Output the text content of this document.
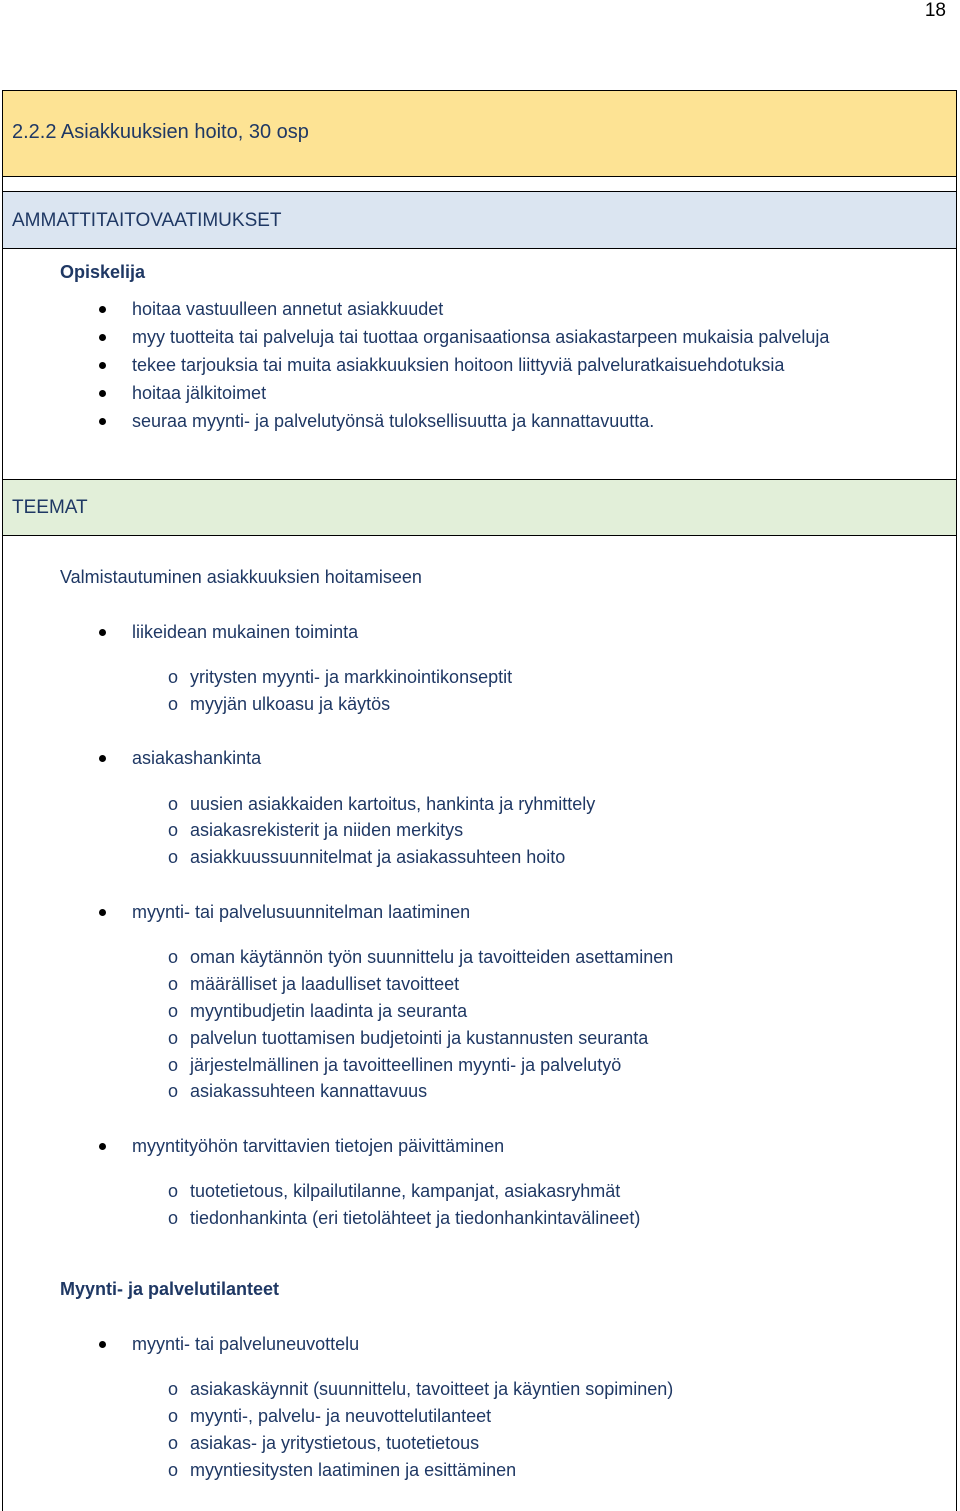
18
2.2.2 Asiakkuuksien hoito, 30 osp
AMMATTITAITOVAATIMUKSET
TEEMAT
Opiskelija
hoitaa vastuulleen annetut asiakkuudet
myy tuotteita tai palveluja tai tuottaa organisaationsa asiakastarpeen mukaisia palveluja
tekee tarjouksia tai muita asiakkuuksien hoitoon liittyviä palveluratkaisuehdotuksia
hoitaa jälkitoimet
seuraa myynti- ja palvelutyönsä tuloksellisuutta ja kannattavuutta.
Valmistautuminen asiakkuuksien hoitamiseen
liikeidean mukainen toiminta
o yritysten myynti- ja markkinointikonseptit
o myyjän ulkoasu ja käytös
asiakashankinta
o uusien asiakkaiden kartoitus, hankinta ja ryhmittely
o asiakasrekisterit ja niiden merkitys
o asiakkuussuunnitelmat ja asiakassuhteen hoito
myynti- tai palvelusuunnitelman laatiminen
o oman käytännön työn suunnittelu ja tavoitteiden asettaminen
o määrälliset ja laadulliset tavoitteet
o myyntibudjetin laadinta ja seuranta
o palvelun tuottamisen budjetointi ja kustannusten seuranta
o järjestelmällinen ja tavoitteellinen myynti- ja palvelutyö
o asiakassuhteen kannattavuus
myyntityöhön tarvittavien tietojen päivittäminen
o tuotetietous, kilpailutilanne, kampanjat, asiakasryhmät
o tiedonhankinta (eri tietolähteet ja tiedonhankintavälineet)
Myynti- ja palvelutilanteet
myynti- tai palveluneuvottelu
o asiakaskäynnit (suunnittelu, tavoitteet ja käyntien sopiminen)
o myynti-, palvelu- ja neuvottelutilanteet
o asiakas- ja yritystietous, tuotetietous
o myyntiesitysten laatiminen ja esittäminen
